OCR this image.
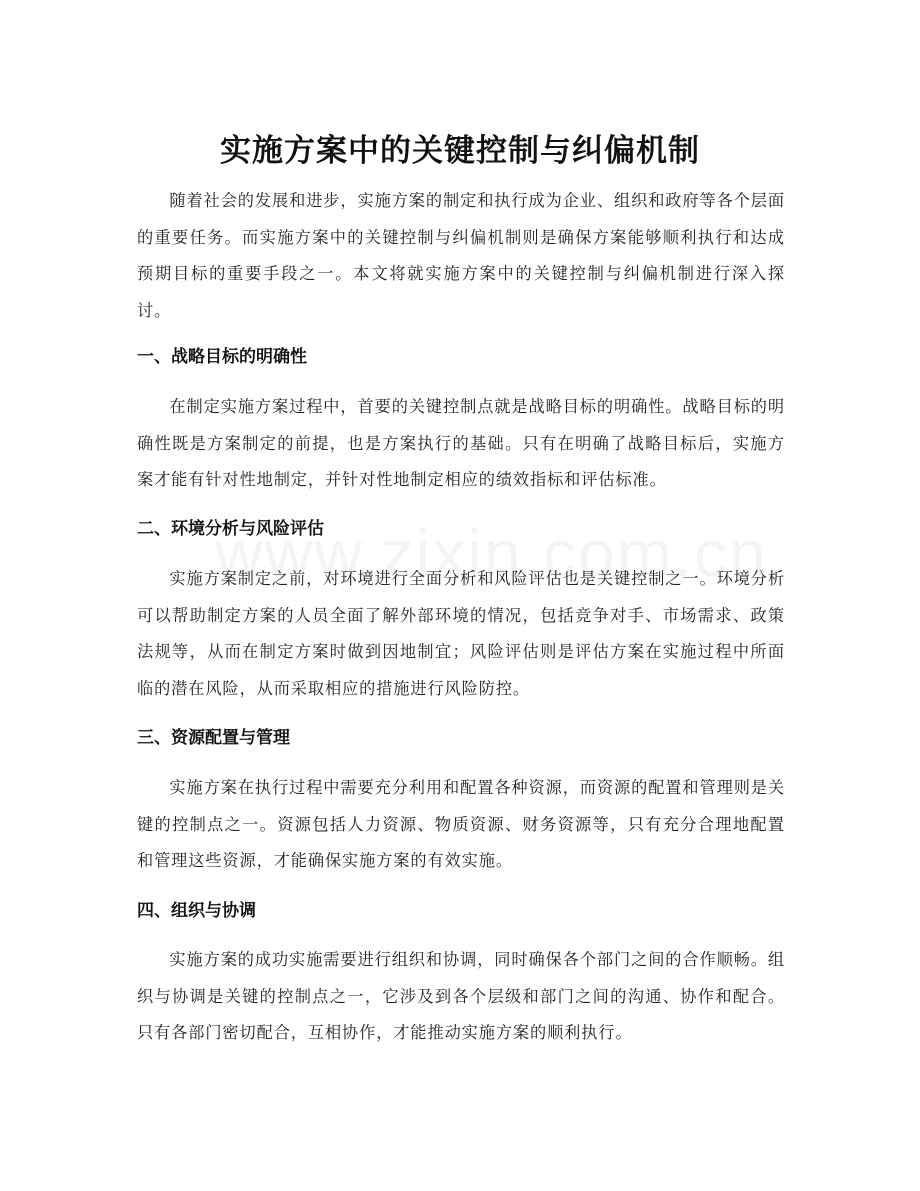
实施方案中的关键控制与纠偏机制

随着社会的发展和进步，实施方案的制定和执行成为企业、组织和政府等各个层面的重要任务。而实施方案中的关键控制与纠偏机制则是确保方案能够顺利执行和达成预期目标的重要手段之一。本文将就实施方案中的关键控制与纠偏机制进行深入探讨。

一、战略目标的明确性

在制定实施方案过程中，首要的关键控制点就是战略目标的明确性。战略目标的明确性既是方案制定的前提，也是方案执行的基础。只有在明确了战略目标后，实施方案才能有针对性地制定，并针对性地制定相应的绩效指标和评估标准。

二、环境分析与风险评估

实施方案制定之前，对环境进行全面分析和风险评估也是关键控制之一。环境分析可以帮助制定方案的人员全面了解外部环境的情况，包括竞争对手、市场需求、政策法规等，从而在制定方案时做到因地制宜；风险评估则是评估方案在实施过程中所面临的潜在风险，从而采取相应的措施进行风险防控。

三、资源配置与管理

实施方案在执行过程中需要充分利用和配置各种资源，而资源的配置和管理则是关键的控制点之一。资源包括人力资源、物质资源、财务资源等，只有充分合理地配置和管理这些资源，才能确保实施方案的有效实施。

四、组织与协调

实施方案的成功实施需要进行组织和协调，同时确保各个部门之间的合作顺畅。组织与协调是关键的控制点之一，它涉及到各个层级和部门之间的沟通、协作和配合。只有各部门密切配合，互相协作，才能推动实施方案的顺利执行。
